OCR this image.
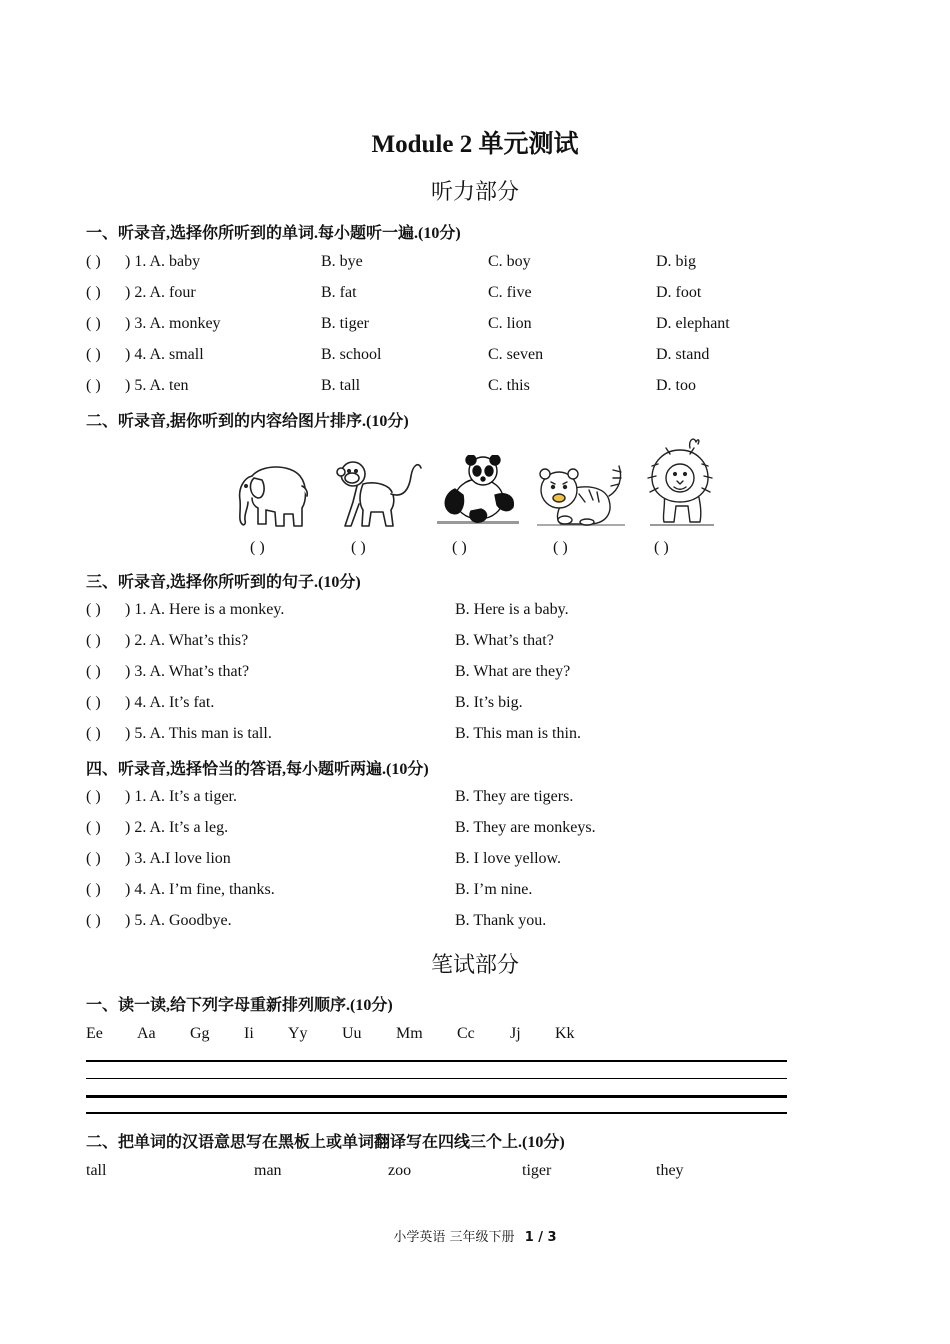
Module 2 单元测试
听力部分
一、听录音,选择你所听到的单词.每小题听一遍.(10分)
( ) ) 1. A. baby	B. bye	C. boy	D. big
( ) ) 2. A. four	B. fat	C. five	D. foot
( ) ) 3. A. monkey	B. tiger	C. lion	D. elephant
( ) ) 4. A. small	B. school	C. seven	D. stand
( ) ) 5. A. ten	B. tall	C. this	D. too
二、听录音,据你听到的内容给图片排序.(10分)
( )	( )	( )	( )	( )
三、听录音,选择你所听到的句子.(10分)
( ) ) 1. A. Here is a monkey.	B. Here is a baby.
( ) ) 2. A. What’s this?	B. What’s that?
( ) ) 3. A. What’s that?	B. What are they?
( ) ) 4. A. It’s fat.	B. It’s big.
( ) ) 5. A. This man is tall.	B. This man is thin.
四、听录音,选择恰当的答语,每小题听两遍.(10分)
( ) ) 1. A. It’s a tiger.	B. They are tigers.
( ) ) 2. A. It’s a leg.	B. They are monkeys.
( ) ) 3. A.I love lion	B. I love yellow.
( ) ) 4. A. I’m fine, thanks.	B. I’m nine.
( ) ) 5. A. Goodbye.	B. Thank you.
笔试部分
一、读一读,给下列字母重新排列顺序.(10分)
Ee Aa Gg Ii Yy Uu Mm Cc Jj Kk
二、把单词的汉语意思写在黑板上或单词翻译写在四线三个上.(10分)
tall	man	zoo	tiger	they
小学英语 三年级下册 1 / 3
